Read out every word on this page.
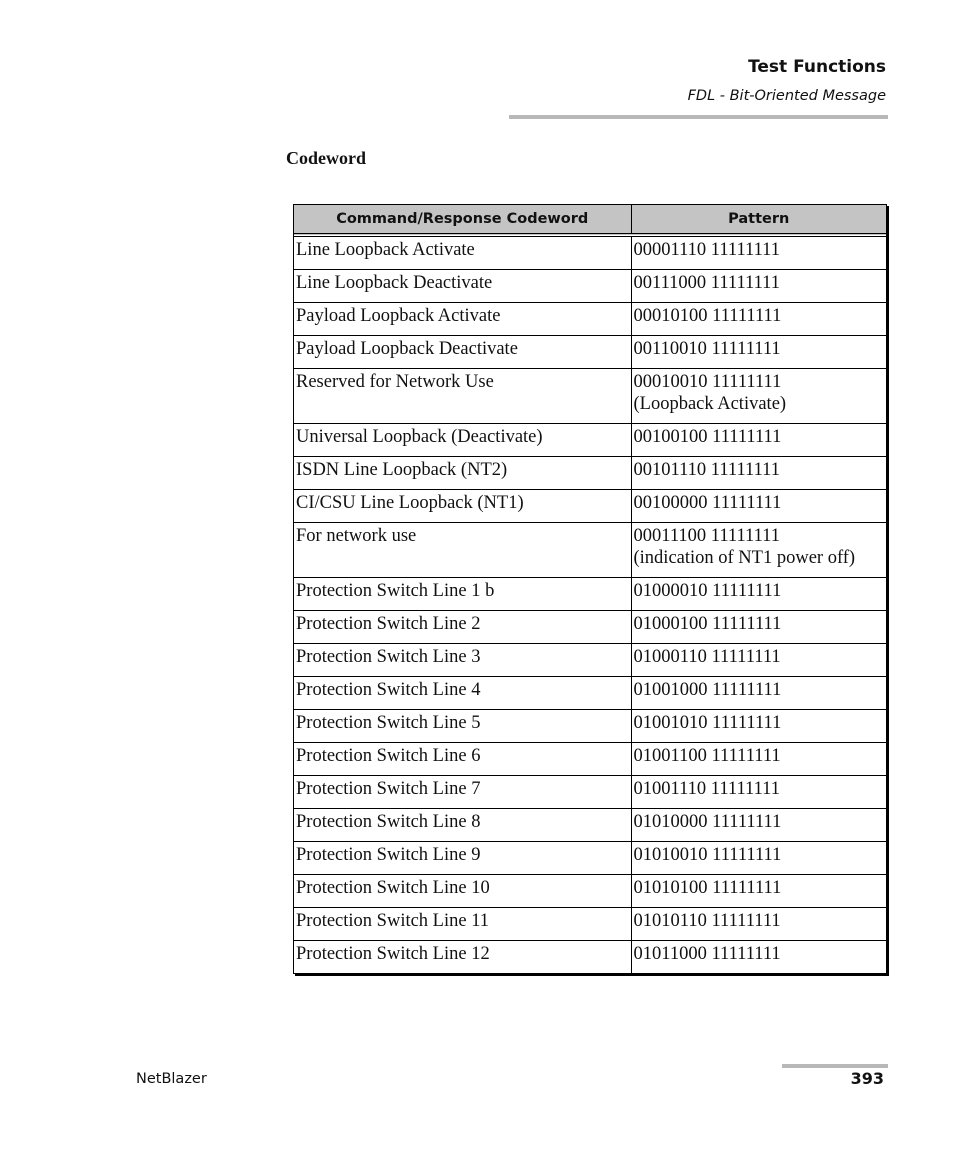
Test Functions
FDL - Bit-Oriented Message
Codeword
Command/Response Codeword	Pattern
Line Loopback Activate	00001110 11111111

Line Loopback Deactivate	00111000 11111111

Payload Loopback Activate	00010100 11111111

Payload Loopback Deactivate	00110010 11111111

Reserved for Network Use	00010010 11111111
(Loopback Activate)

Universal Loopback (Deactivate)	00100100 11111111

ISDN Line Loopback (NT2)	00101110 11111111

CI/CSU Line Loopback (NT1)	00100000 11111111

For network use	00011100 11111111
(indication of NT1 power off)

Protection Switch Line 1 b	01000010 11111111

Protection Switch Line 2	01000100 11111111

Protection Switch Line 3	01000110 11111111

Protection Switch Line 4	01001000 11111111

Protection Switch Line 5	01001010 11111111

Protection Switch Line 6	01001100 11111111

Protection Switch Line 7	01001110 11111111

Protection Switch Line 8	01010000 11111111

Protection Switch Line 9	01010010 11111111

Protection Switch Line 10	01010100 11111111

Protection Switch Line 11	01010110 11111111

Protection Switch Line 12	01011000 11111111
NetBlazer	393
